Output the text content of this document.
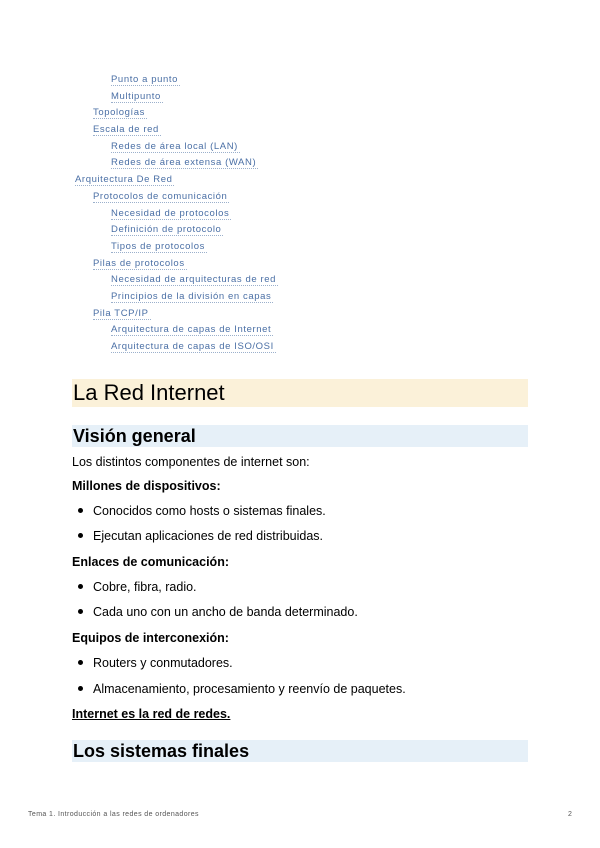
Punto a punto
Multipunto
Topologías
Escala de red
Redes de área local (LAN)
Redes de área extensa (WAN)
Arquitectura De Red
Protocolos de comunicación
Necesidad de protocolos
Definición de protocolo
Tipos de protocolos
Pilas de protocolos
Necesidad de arquitecturas de red
Principios de la división en capas
Pila TCP/IP
Arquitectura de capas de Internet
Arquitectura de capas de ISO/OSI
La Red Internet
Visión general

Los distintos componentes de internet son:

Millones de dispositivos:

Conocidos como hosts o sistemas finales.
Ejecutan aplicaciones de red distribuidas.

Enlaces de comunicación:

Cobre, fibra, radio.
Cada uno con un ancho de banda determinado.

Equipos de interconexión:

Routers y conmutadores.
Almacenamiento, procesamiento y reenvío de paquetes.

Internet es la red de redes.

Los sistemas finales
Tema 1. Introducción a las redes de ordenadores	2
